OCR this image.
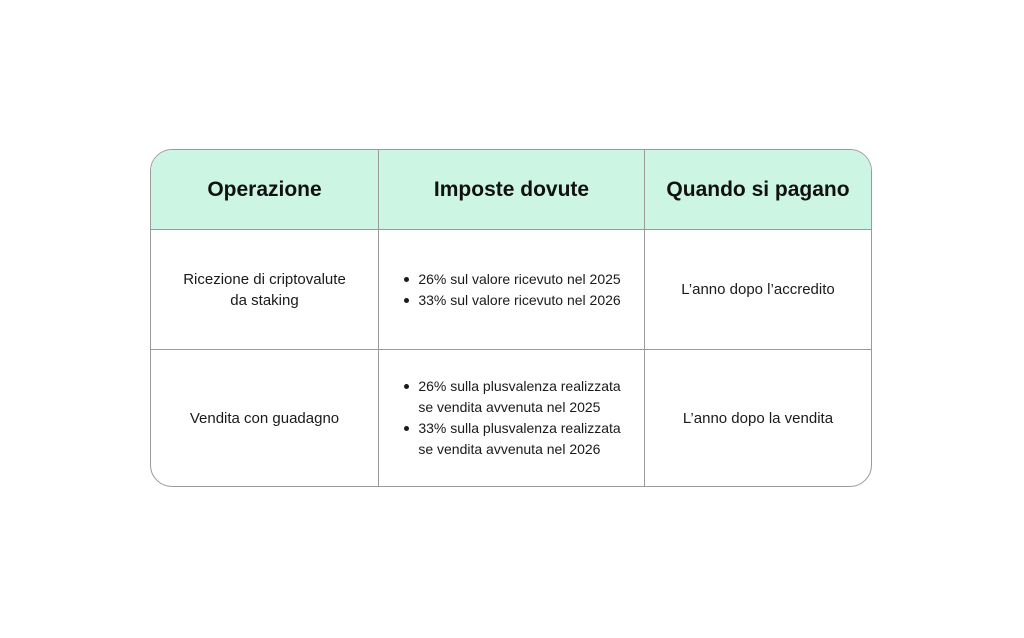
Operazione	Imposte dovute	Quando si pagano
Ricezione di criptovalute
da staking
26% sul valore ricevuto nel 2025
33% sul valore ricevuto nel 2026
L’anno dopo l’accredito
Vendita con guadagno
26% sulla plusvalenza realizzata
se vendita avvenuta nel 2025
33% sulla plusvalenza realizzata
se vendita avvenuta nel 2026
L’anno dopo la vendita
